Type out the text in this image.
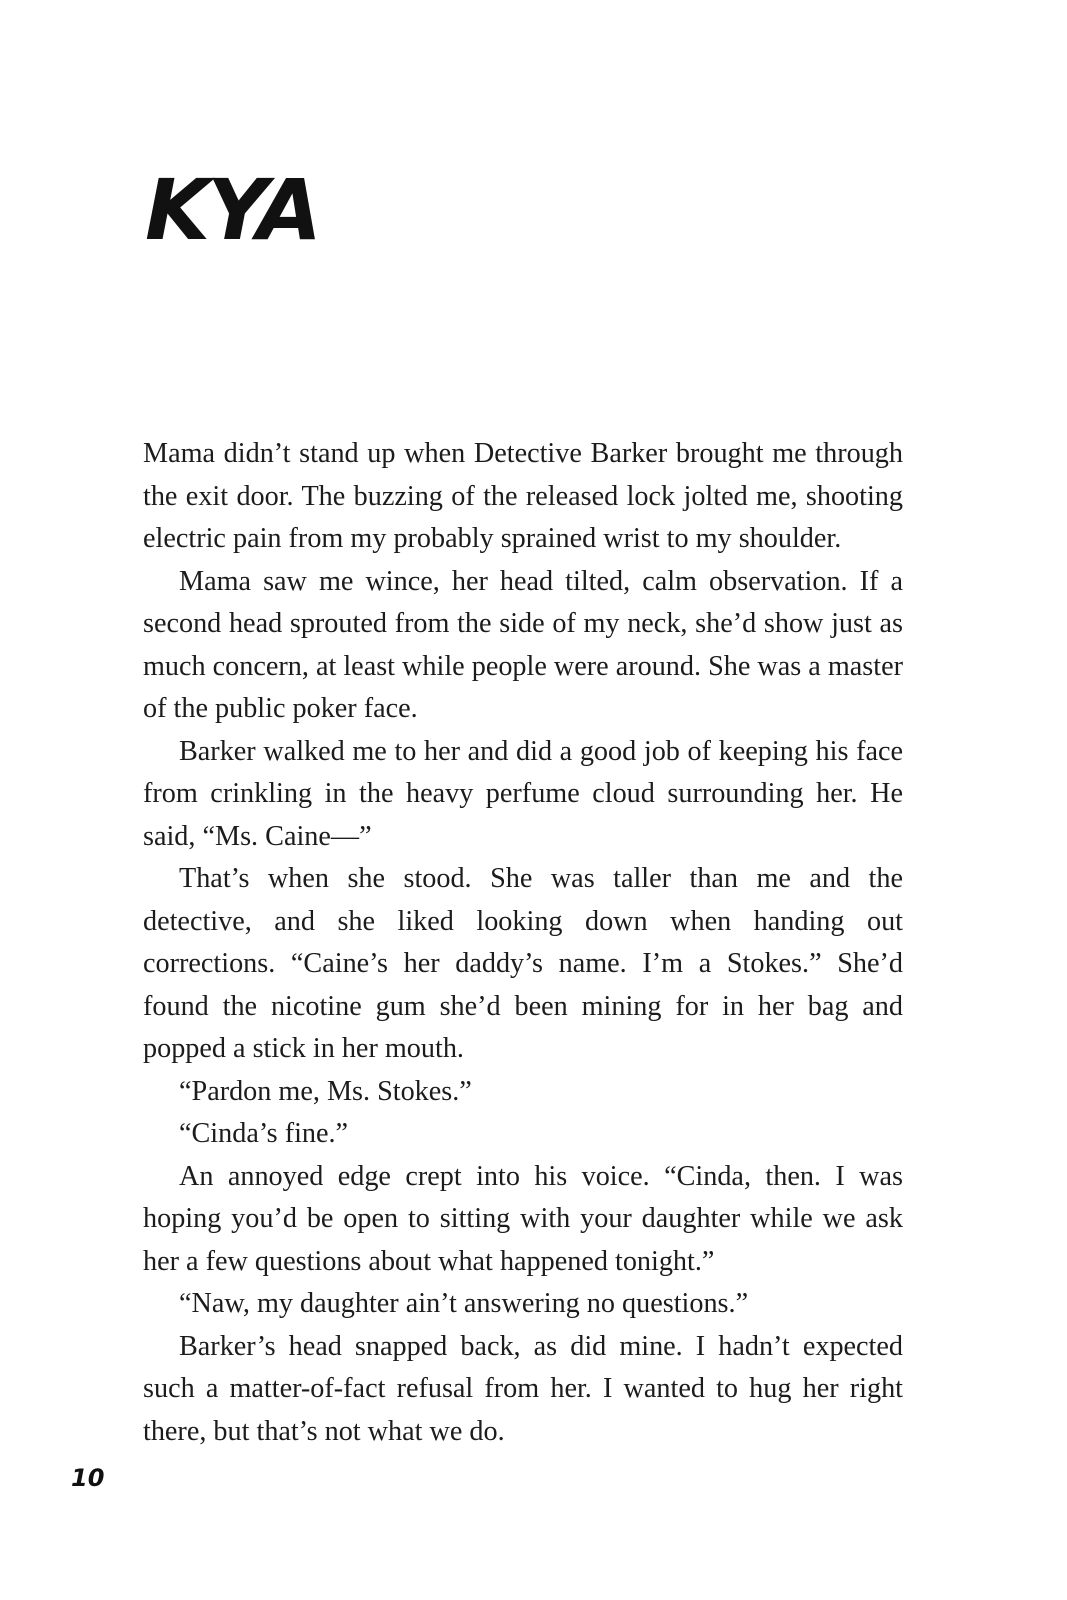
KYA

Mama didn’t stand up when Detective Barker brought me through the exit door. The buzzing of the released lock jolted me, shooting electric pain from my probably sprained wrist to my shoulder.

Mama saw me wince, her head tilted, calm observation. If a second head sprouted from the side of my neck, she’d show just as much concern, at least while people were around. She was a master of the public poker face.

Barker walked me to her and did a good job of keeping his face from crinkling in the heavy perfume cloud surrounding her. He said, “Ms. Caine—”

That’s when she stood. She was taller than me and the detective, and she liked looking down when handing out corrections. “Caine’s her daddy’s name. I’m a Stokes.” She’d found the nicotine gum she’d been mining for in her bag and popped a stick in her mouth.

“Pardon me, Ms. Stokes.”

“Cinda’s fine.”

An annoyed edge crept into his voice. “Cinda, then. I was hoping you’d be open to sitting with your daughter while we ask her a few questions about what happened tonight.”

“Naw, my daughter ain’t answering no questions.”

Barker’s head snapped back, as did mine. I hadn’t expected such a matter-of-fact refusal from her. I wanted to hug her right there, but that’s not what we do.

10
